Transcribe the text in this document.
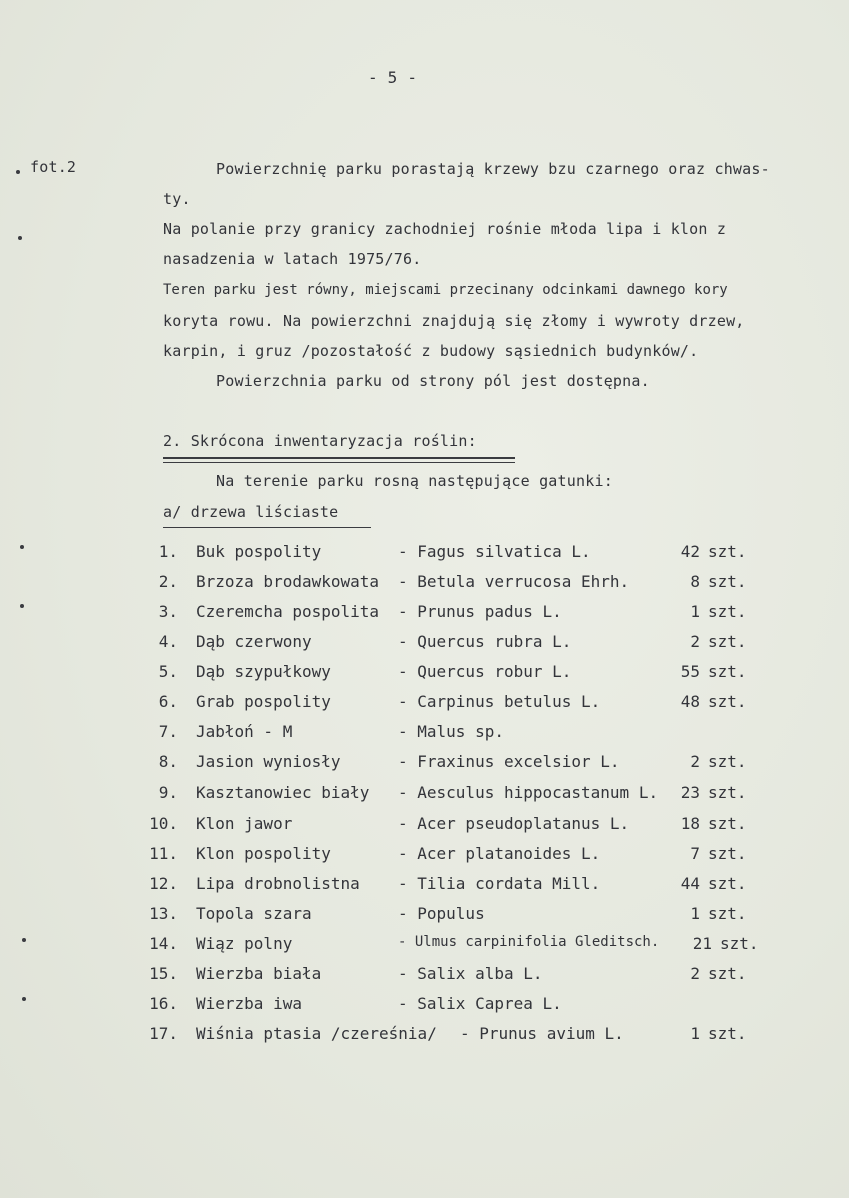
- 5 -
fot.2	Powierzchnię parku porastają krzewy bzu czarnego oraz chwas-
ty.
Na polanie przy granicy zachodniej rośnie młoda lipa i klon z
nasadzenia w latach 1975/76.
Teren parku jest równy, miejscami przecinany odcinkami dawnego kory
koryta rowu. Na powierzchni znajdują się złomy i wywroty drzew,
karpin, i gruz /pozostałość z budowy sąsiednich budynków/.
Powierzchnia parku od strony pól jest dostępna.
2. Skrócona inwentaryzacja roślin:
Na terenie parku rosną następujące gatunki:
a/ drzewa liściaste
1. Buk pospolity	- Fagus silvatica L.	42 szt.
2. Brzoza brodawkowata - Betula verrucosa Ehrh.	8 szt.
3. Czeremcha pospolita - Prunus padus L.	1 szt.
4. Dąb czerwony	- Quercus rubra L.	2 szt.
5. Dąb szypułkowy	- Quercus robur L.	55 szt.
6. Grab pospolity	- Carpinus betulus L.	48 szt.
7. Jabłoń - M	- Malus sp.
8. Jasion wyniosły	- Fraxinus excelsior L.	2 szt.
9. Kasztanowiec biały - Aesculus hippocastanum L.	23 szt.
10. Klon jawor	- Acer pseudoplatanus L.	18 szt.
11. Klon pospolity	- Acer platanoides L.	7 szt.
12. Lipa drobnolistna - Tilia cordata Mill.	44 szt.
13. Topola szara	- Populus	1 szt.
14. Wiąz polny	- Ulmus carpinifolia Gleditsch.	21 szt.
15. Wierzba biała	- Salix alba L.	2 szt.
16. Wierzba iwa	- Salix Caprea L.
17. Wiśnia ptasia /czereśnia/ - Prunus avium L.	1 szt.
